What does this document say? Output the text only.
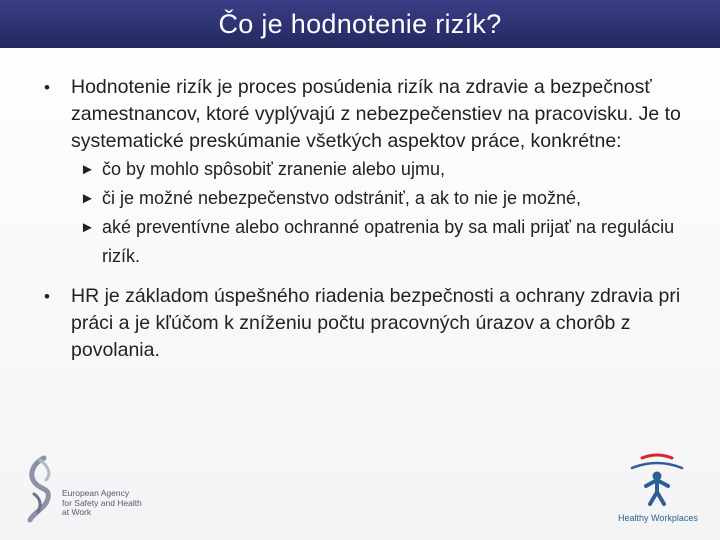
Čo je hodnotenie rizík?
• Hodnotenie rizík je proces posúdenia rizík na zdravie a bezpečnosť zamestnancov, ktoré vyplývajú z nebezpečenstiev na pracovisku. Je to systematické preskúmanie všetkých aspektov práce, konkrétne:
► čo by mohlo spôsobiť zranenie alebo ujmu,
► či je možné nebezpečenstvo odstrániť, a ak to nie je možné,
► aké preventívne alebo ochranné opatrenia by sa mali prijať na reguláciu rizík.
• HR je základom úspešného riadenia bezpečnosti a ochrany zdravia pri práci a je kľúčom k zníženiu počtu pracovných úrazov a chorôb z povolania.
European Agency
for Safety and Health
at Work
Healthy Workplaces
